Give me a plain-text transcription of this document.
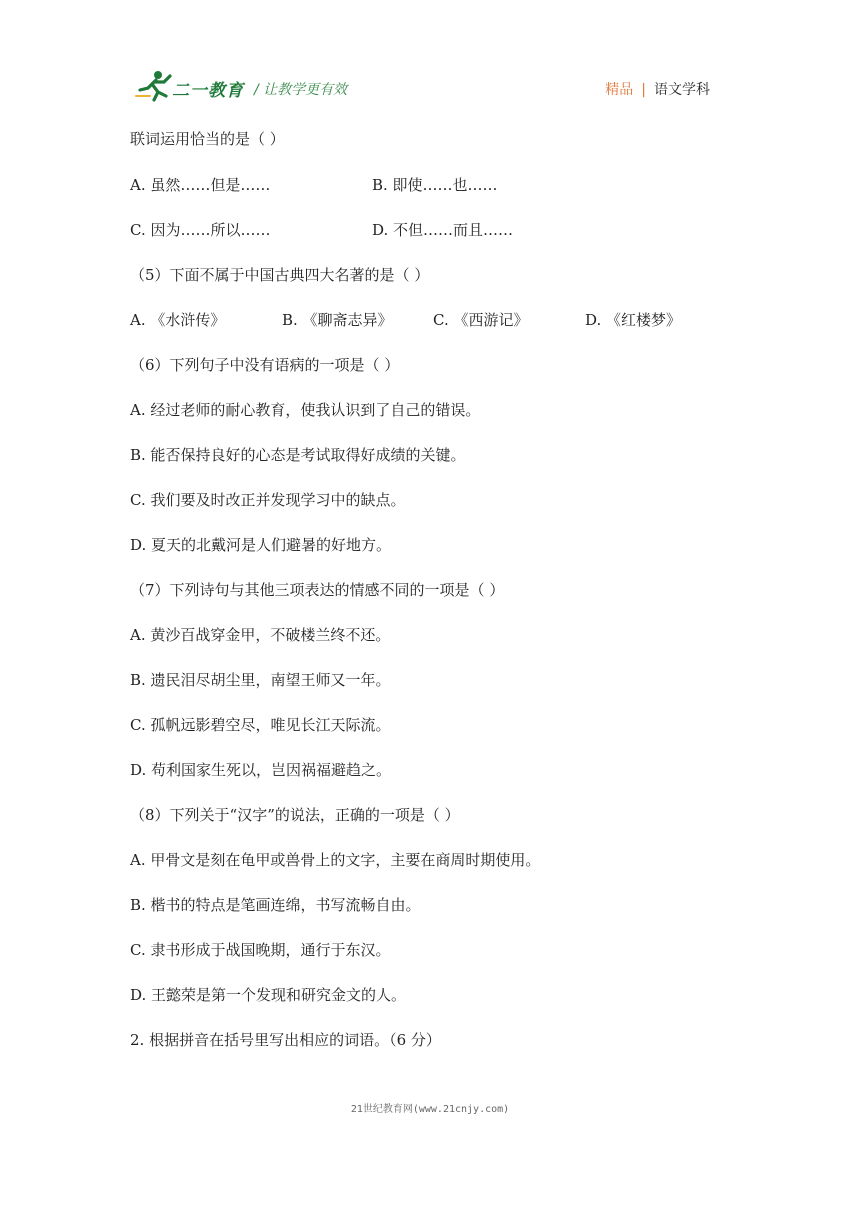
二一教育 / 让教学更有效	精品 | 语文学科
联词运用恰当的是（ ）
A. 虽然……但是……	B. 即使……也……
C. 因为……所以……	D. 不但……而且……
（5）下面不属于中国古典四大名著的是（ ）
A. 《水浒传》	B. 《聊斋志异》	C. 《西游记》	D. 《红楼梦》
（6）下列句子中没有语病的一项是（ ）
A. 经过老师的耐心教育，使我认识到了自己的错误。
B. 能否保持良好的心态是考试取得好成绩的关键。
C. 我们要及时改正并发现学习中的缺点。
D. 夏天的北戴河是人们避暑的好地方。
（7）下列诗句与其他三项表达的情感不同的一项是（ ）
A. 黄沙百战穿金甲，不破楼兰终不还。
B. 遗民泪尽胡尘里，南望王师又一年。
C. 孤帆远影碧空尽，唯见长江天际流。
D. 苟利国家生死以，岂因祸福避趋之。
（8）下列关于“汉字”的说法，正确的一项是（ ）
A. 甲骨文是刻在龟甲或兽骨上的文字，主要在商周时期使用。
B. 楷书的特点是笔画连绵，书写流畅自由。
C. 隶书形成于战国晚期，通行于东汉。
D. 王懿荣是第一个发现和研究金文的人。
2. 根据拼音在括号里写出相应的词语。（6 分）
21世纪教育网(www.21cnjy.com)
